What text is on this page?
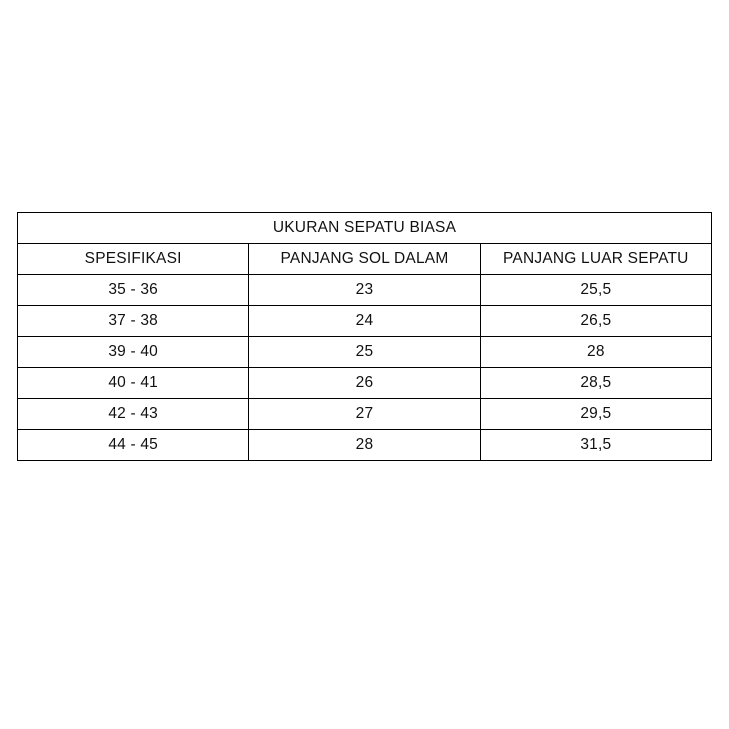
UKURAN SEPATU BIASA		
SPESIFIKASI	PANJANG SOL DALAM	PANJANG LUAR SEPATU
35 - 36	23	25,5
37 - 38	24	26,5
39 - 40	25	28
40 - 41	26	28,5
42 - 43	27	29,5
44 - 45	28	31,5
